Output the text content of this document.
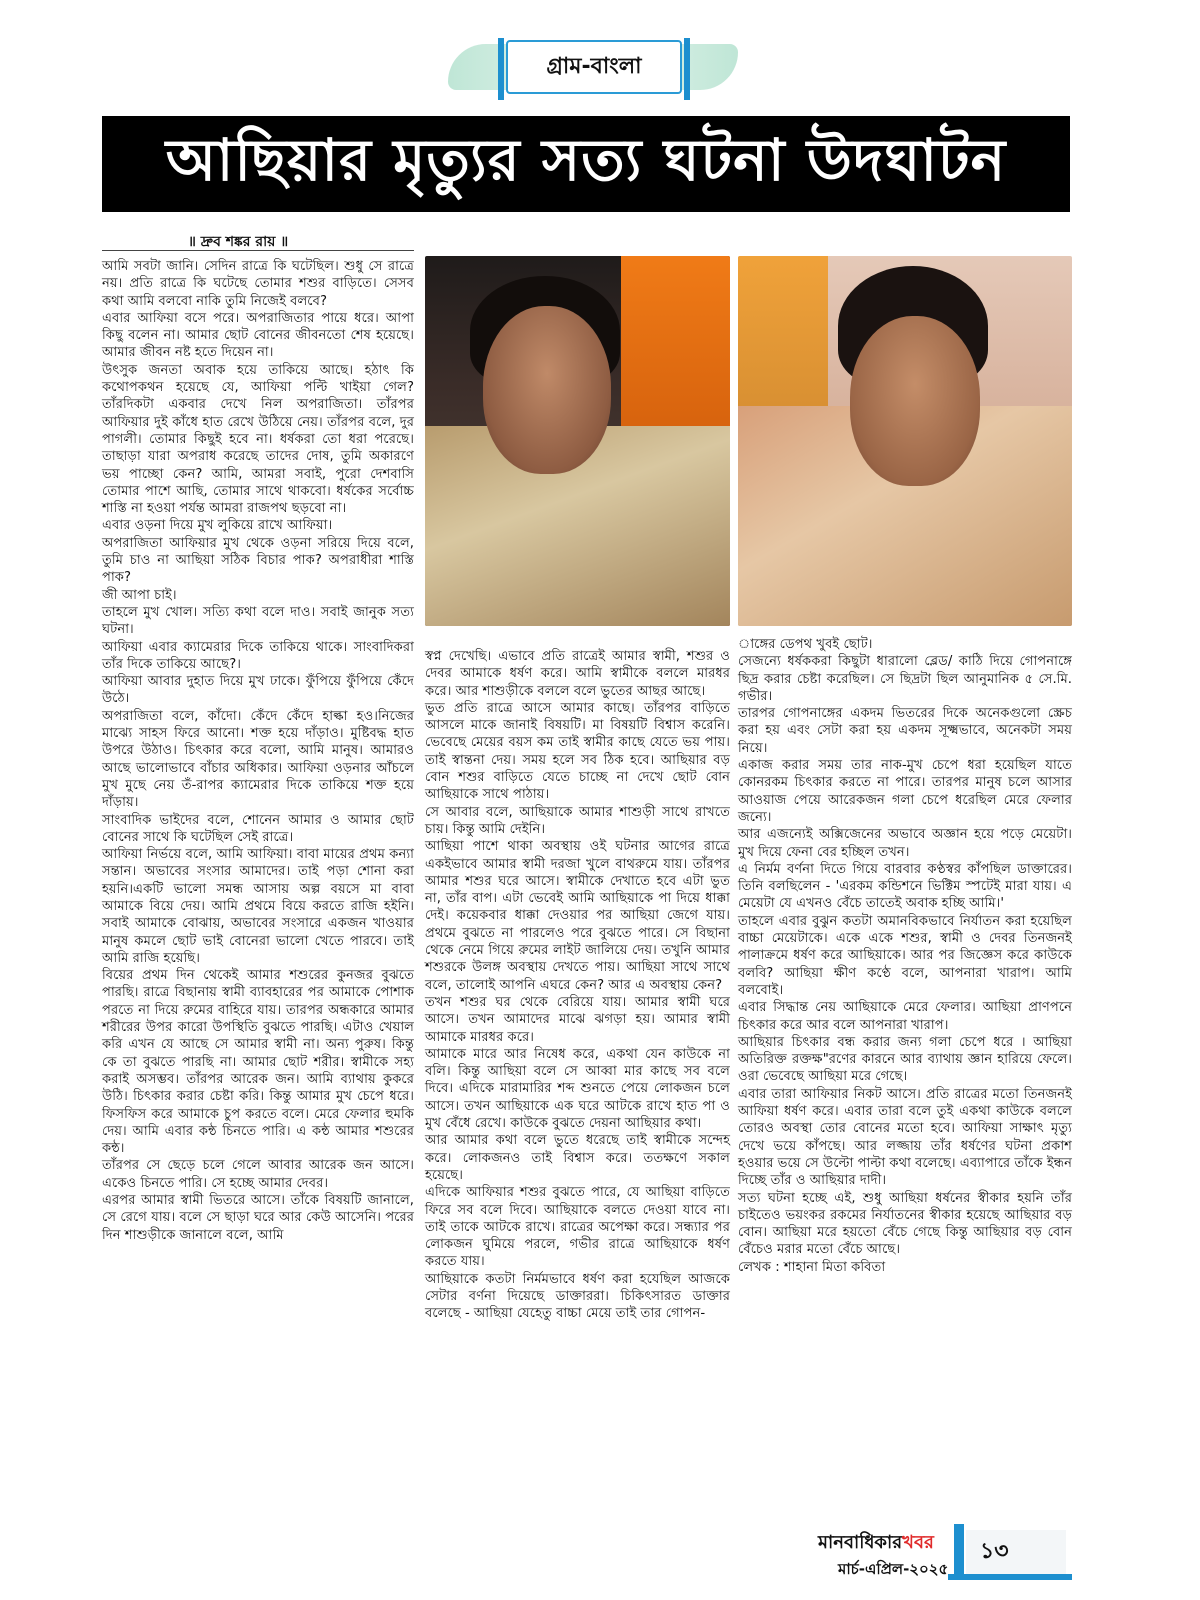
গ্রাম-বাংলা
আছিয়ার মৃত্যুর সত্য ঘটনা উদঘাটন
॥ দ্রুব শঙ্কর রায় ॥

আমি সবটা জানি। সেদিন রাত্রে কি ঘটেছিল। শুধু সে রাত্রে নয়। প্রতি রাত্রে কি ঘটেছে তোমার শশুর বাড়িতে। সেসব কথা আমি বলবো নাকি তুমি নিজেই বলবে?

এবার আফিয়া বসে পরে। অপরাজিতার পায়ে ধরে। আপা কিছু বলেন না। আমার ছোট বোনের জীবনতো শেষ হয়েছে। আমার জীবন নষ্ট হতে দিয়েন না।

উৎসুক জনতা অবাক হয়ে তাকিয়ে আছে। হঠাৎ কি কথোপকথন হয়েছে যে, আফিয়া পল্টি খাইয়া গেল? তাঁরদিকটা একবার দেখে নিল অপরাজিতা। তাঁরপর আফিয়ার দুই কাঁধে হাত রেখে উঠিয়ে নেয়। তাঁরপর বলে, দুর পাগলী। তোমার কিছুই হবে না। ধর্ষকরা তো ধরা পরেছে। তাছাড়া যারা অপরাধ করেছে তাদের দোষ, তুমি অকারণে ভয় পাচ্ছো কেন? আমি, আমরা সবাই, পুরো দেশবাসি তোমার পাশে আছি, তোমার সাথে থাকবো। ধর্ষকের সর্বোচ্চ শাস্তি না হওয়া পর্যন্ত আমরা রাজপথ ছড়বো না।

এবার ওড়না দিয়ে মুখ লুকিয়ে রাখে আফিয়া।

অপরাজিতা আফিয়ার মুখ থেকে ওড়না সরিয়ে দিয়ে বলে, তুমি চাও না আছিয়া সঠিক বিচার পাক? অপরাধীরা শাস্তি পাক?

জী আপা চাই।

তাহলে মুখ খোল। সত্যি কথা বলে দাও। সবাই জানুক সত্য ঘটনা।

আফিয়া এবার ক্যামেরার দিকে তাকিয়ে থাকে। সাংবাদিকরা তাঁর দিকে তাকিয়ে আছে?।

আফিয়া আবার দুহাত দিয়ে মুখ ঢাকে। ফুঁপিয়ে ফুঁপিয়ে কেঁদে উঠে।

অপরাজিতা বলে, কাঁদো। কেঁদে কেঁদে হাল্কা হও।নিজের মাঝ্যে সাহস ফিরে আনো। শক্ত হয়ে দাঁড়াও। মুষ্টিবদ্ধ হাত উপরে উঠাও। চিৎকার করে বলো, আমি মানুষ। আমারও আছে ভালোভাবে বাঁচার অধিকার। আফিয়া ওড়নার আঁচলে মুখ মুছে নেয় তঁ-রাপর ক্যামেরার দিকে তাকিয়ে শক্ত হয়ে দাঁড়ায়।

সাংবাদিক ভাইদের বলে, শোনেন আমার ও আমার ছোট বোনের সাথে কি ঘটেছিল সেই রাত্রে।

আফিয়া নির্ভয়ে বলে, আমি আফিয়া। বাবা মায়ের প্রথম কন্যা সন্তান। অভাবের সংসার আমাদের। তাই পড়া শোনা করা হয়নি।একটি ভালো সমন্ধ আসায় অল্প বয়সে মা বাবা আমাকে বিয়ে দেয়। আমি প্রথমে বিয়ে করতে রাজি হইনি। সবাই আমাকে বোঝায়, অভাবের সংসারে একজন খাওয়ার মানুষ কমলে ছোট ভাই বোনেরা ভালো খেতে পারবে। তাই আমি রাজি হয়েছি।

বিয়ের প্রথম দিন থেকেই আমার শশুরের কুনজর বুঝতে পারছি। রাত্রে বিছানায় স্বামী ব্যাবহারের পর আমাকে পোশাক পরতে না দিয়ে রুমের বাহিরে যায়। তারপর অন্ধকারে আমার শরীরের উপর কারো উপস্থিতি বুঝতে পারছি। এটাও খেয়াল করি এখন যে আছে সে আমার স্বামী না। অন্য পুরুষ। কিন্তু কে তা বুঝতে পারছি না। আমার ছোট শরীর। স্বামীকে সহ্য করাই অসম্ভব। তাঁরপর আরেক জন। আমি ব্যাথায় কুকরে উঠি। চিৎকার করার চেষ্টা করি। কিন্তু আমার মুখ চেপে ধরে। ফিসফিস করে আমাকে চুপ করতে বলে। মেরে ফেলার হুমকি দেয়। আমি এবার কন্ঠ চিনতে পারি। এ কন্ঠ আমার শশুরের কন্ঠ।

তাঁরপর সে ছেড়ে চলে গেলে আবার আরেক জন আসে। একেও চিনতে পারি। সে হচ্ছে আমার দেবর।

এরপর আমার স্বামী ভিতরে আসে। তাঁকে বিষয়টি জানালে, সে রেগে যায়। বলে সে ছাড়া ঘরে আর কেউ আসেনি। পরের দিন শাশুড়ীকে জানালে বলে, আমি

স্বপ্ন দেখেছি। এভাবে প্রতি রাত্রেই আমার স্বামী, শশুর ও দেবর আমাকে ধর্ষণ করে। আমি স্বামীকে বললে মারধর করে। আর শাশুড়ীকে বললে বলে ভুতের আছর আছে।

ভুত প্রতি রাত্রে আসে আমার কাছে। তাঁরপর বাড়িতে আসলে মাকে জানাই বিষয়টি। মা বিষয়টি বিশ্বাস করেনি। ভেবেছে মেয়ের বয়স কম তাই স্বামীর কাছে যেতে ভয় পায়। তাই স্বান্তনা দেয়। সময় হলে সব ঠিক হবে। আছিয়ার বড় বোন শশুর বাড়িতে যেতে চাচ্ছে না দেখে ছোট বোন আছিয়াকে সাথে পাঠায়।

সে আবার বলে, আছিয়াকে আমার শাশুড়ী সাথে রাখতে চায়। কিন্তু আমি দেইনি।

আছিয়া পাশে থাকা অবস্থায় ওই ঘটনার আগের রাত্রে একইভাবে আমার স্বামী দরজা খুলে বাথরুমে যায়। তাঁরপর আমার শশুর ঘরে আসে। স্বামীকে দেখাতে হবে এটা ভুত না, তাঁর বাপ। এটা ভেবেই আমি আছিয়াকে পা দিয়ে ধাক্কা দেই। কয়েকবার ধাক্কা দেওয়ার পর আছিয়া জেগে যায়। প্রথমে বুঝতে না পারলেও পরে বুঝতে পারে। সে বিছানা থেকে নেমে গিয়ে রুমের লাইট জালিয়ে দেয়। তখুনি আমার শশুরকে উলঙ্গ অবস্থায় দেখতে পায়। আছিয়া সাথে সাথে বলে, তালোই আপনি এঘরে কেন? আর এ অবস্থায় কেন?

তখন শশুর ঘর থেকে বেরিয়ে যায়। আমার স্বামী ঘরে আসে। তখন আমাদের মাঝে ঝগড়া হয়। আমার স্বামী আমাকে মারধর করে।

আমাকে মারে আর নিষেধ করে, একথা যেন কাউকে না বলি। কিন্তু আছিয়া বলে সে আব্বা মার কাছে সব বলে দিবে। এদিকে মারামারির শব্দ শুনতে পেয়ে লোকজন চলে আসে। তখন আছিয়াকে এক ঘরে আটকে রাখে হাত পা ও মুখ বেঁধে রেখে। কাউকে বুঝতে দেয়না আছিয়ার কথা।

আর আমার কথা বলে ভুতে ধরেছে তাই স্বামীকে সন্দেহ করে। লোকজনও তাই বিশ্বাস করে। ততক্ষণে সকাল হয়েছে।

এদিকে আফিয়ার শশুর বুঝতে পারে, যে আছিয়া বাড়িতে ফিরে সব বলে দিবে। আছিয়াকে বলতে দেওয়া যাবে না। তাই তাকে আটকে রাখে। রাত্রের অপেক্ষা করে। সন্ধ্যার পর লোকজন ঘুমিয়ে পরলে, গভীর রাত্রে আছিয়াকে ধর্ষণ করতে যায়।

আছিয়াকে কতটা নির্মমভাবে ধর্ষণ করা হযেছিল আজকে সেটার বর্ণনা দিয়েছে ডাক্তাররা। চিকিৎসারত ডাক্তার বলেছে - আছিয়া যেহেতু বাচ্চা মেয়ে তাই তার গোপন-

াঙ্গের ডেপথ খুবই ছোট।

সেজন্যে ধর্ষককরা কিছুটা ধারালো ব্লেড/ কাঠি দিয়ে গোপনাঙ্গে ছিদ্র করার চেষ্টা করেছিল। সে ছিদ্রটা ছিল আনুমানিক ৫ সে.মি. গভীর।

তারপর গোপনাঙ্গের একদম ভিতরের দিকে অনেকগুলো স্ক্রেচ করা হয় এবং সেটা করা হয় একদম সূক্ষ্মভাবে, অনেকটা সময় নিয়ে।

একাজ করার সময় তার নাক-মুখ চেপে ধরা হয়েছিল যাতে কোনরকম চিৎকার করতে না পারে। তারপর মানুষ চলে আসার আওয়াজ পেয়ে আরেকজন গলা চেপে ধরেছিল মেরে ফেলার জন্যে।

আর এজন্যেই অক্সিজেনের অভাবে অজ্ঞান হয়ে পড়ে মেয়েটা। মুখ দিয়ে ফেনা বের হচ্ছিল তখন।

এ নির্মম বর্ণনা দিতে গিয়ে বারবার কণ্ঠস্বর কাঁপছিল ডাক্তারের। তিনি বলছিলেন - 'এরকম কন্ডিশনে ভিক্টিম স্পটেই মারা যায়। এ মেয়েটা যে এখনও বেঁচে তাতেই অবাক হচ্ছি আমি।'

তাহলে এবার বুঝুন কতটা অমানবিকভাবে নির্যাতন করা হয়েছিল বাচ্চা মেয়েটাকে। একে একে শশুর, স্বামী ও দেবর তিনজনই পালাক্রমে ধর্ষণ করে আছিয়াকে। আর পর জিজ্ঞেস করে কাউকে বলবি? আছিয়া ক্ষীণ কণ্ঠে বলে, আপনারা খারাপ। আমি বলবোই।

এবার সিদ্ধান্ত নেয় আছিয়াকে মেরে ফেলার। আছিয়া প্রাণপনে চিৎকার করে আর বলে আপনারা খারাপ।

আছিয়ার চিৎকার বন্ধ করার জন্য গলা চেপে ধরে । আছিয়া অতিরিক্ত রক্তক্ষ"রণের কারনে আর ব্যাথায় জ্ঞান হারিয়ে ফেলে। ওরা ভেবেছে আছিয়া মরে গেছে।

এবার তারা আফিয়ার নিকট আসে। প্রতি রাত্রের মতো তিনজনই আফিয়া ধর্ষণ করে। এবার তারা বলে তুই একথা কাউকে বললে তোরও অবস্থা তোর বোনের মতো হবে। আফিয়া সাক্ষাৎ মৃত্যু দেখে ভয়ে কাঁপছে। আর লজ্জায় তাঁর ধর্ষণের ঘটনা প্রকাশ হওয়ার ভয়ে সে উল্টো পাল্টা কথা বলেছে। এব্যাপারে তাঁকে ইন্ধন দিচ্ছে তাঁর ও আছিয়ার দাদী।

সত্য ঘটনা হচ্ছে এই, শুধু আছিয়া ধর্ষনের স্বীকার হয়নি তাঁর চাইতেও ভয়ংকর রকমের নির্যাতনের স্বীকার হয়েছে আছিয়ার বড় বোন। আছিয়া মরে হয়তো বেঁচে গেছে কিন্তু আছিয়ার বড় বোন বেঁচেও মরার মতো বেঁচে আছে।

লেখক : শাহানা মিতা কবিতা

মানবাধিকারখবর
মার্চ-এপ্রিল-২০২৫
১৩
